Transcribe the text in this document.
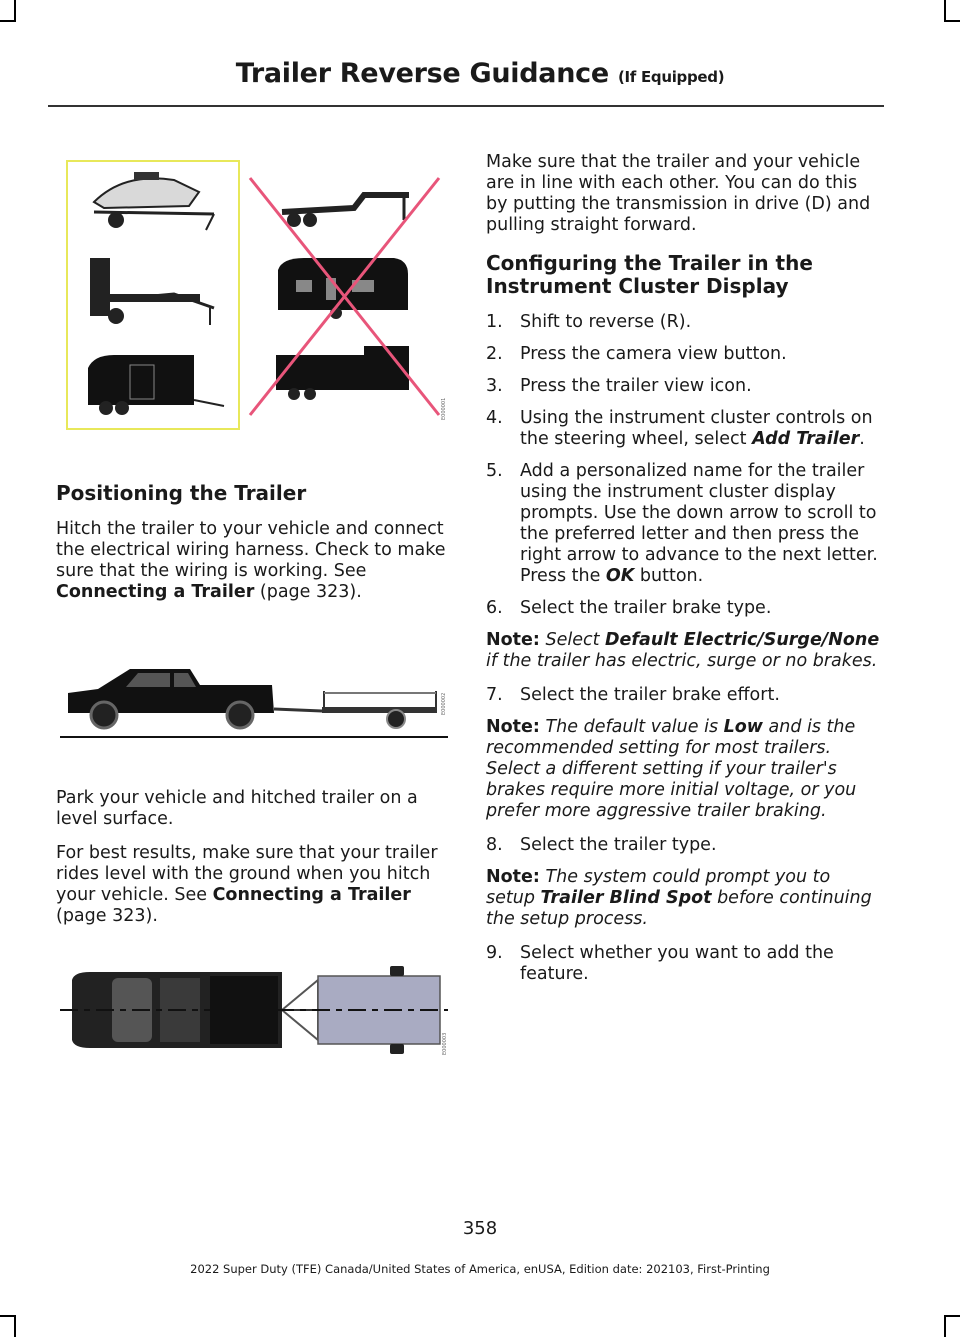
Trailer Reverse Guidance (If Equipped)
E000001
Positioning the Trailer

Hitch the trailer to your vehicle and connect the electrical wiring harness. Check to make sure that the wiring is working. See Connecting a Trailer (page 323).

E000002

Park your vehicle and hitched trailer on a level surface.

For best results, make sure that your trailer rides level with the ground when you hitch your vehicle. See Connecting a Trailer (page 323).

E000003

Make sure that the trailer and your vehicle are in line with each other. You can do this by putting the transmission in drive (D) and pulling straight forward.

Configuring the Trailer in the Instrument Cluster Display
1. Shift to reverse (R).
2. Press the camera view button.
3. Press the trailer view icon.
4. Using the instrument cluster controls on the steering wheel, select Add Trailer.
5. Add a personalized name for the trailer using the instrument cluster display prompts. Use the down arrow to scroll to the preferred letter and then press the right arrow to advance to the next letter. Press the OK button.
6. Select the trailer brake type.

Note: Select Default Electric/Surge/None if the trailer has electric, surge or no brakes.

7. Select the trailer brake effort.

Note: The default value is Low and is the recommended setting for most trailers. Select a different setting if your trailer's brakes require more initial voltage, or you prefer more aggressive trailer braking.

8. Select the trailer type.

Note: The system could prompt you to setup Trailer Blind Spot before continuing the setup process.

9. Select whether you want to add the feature.
358
2022 Super Duty (TFE) Canada/United States of America, enUSA, Edition date: 202103, First-Printing
